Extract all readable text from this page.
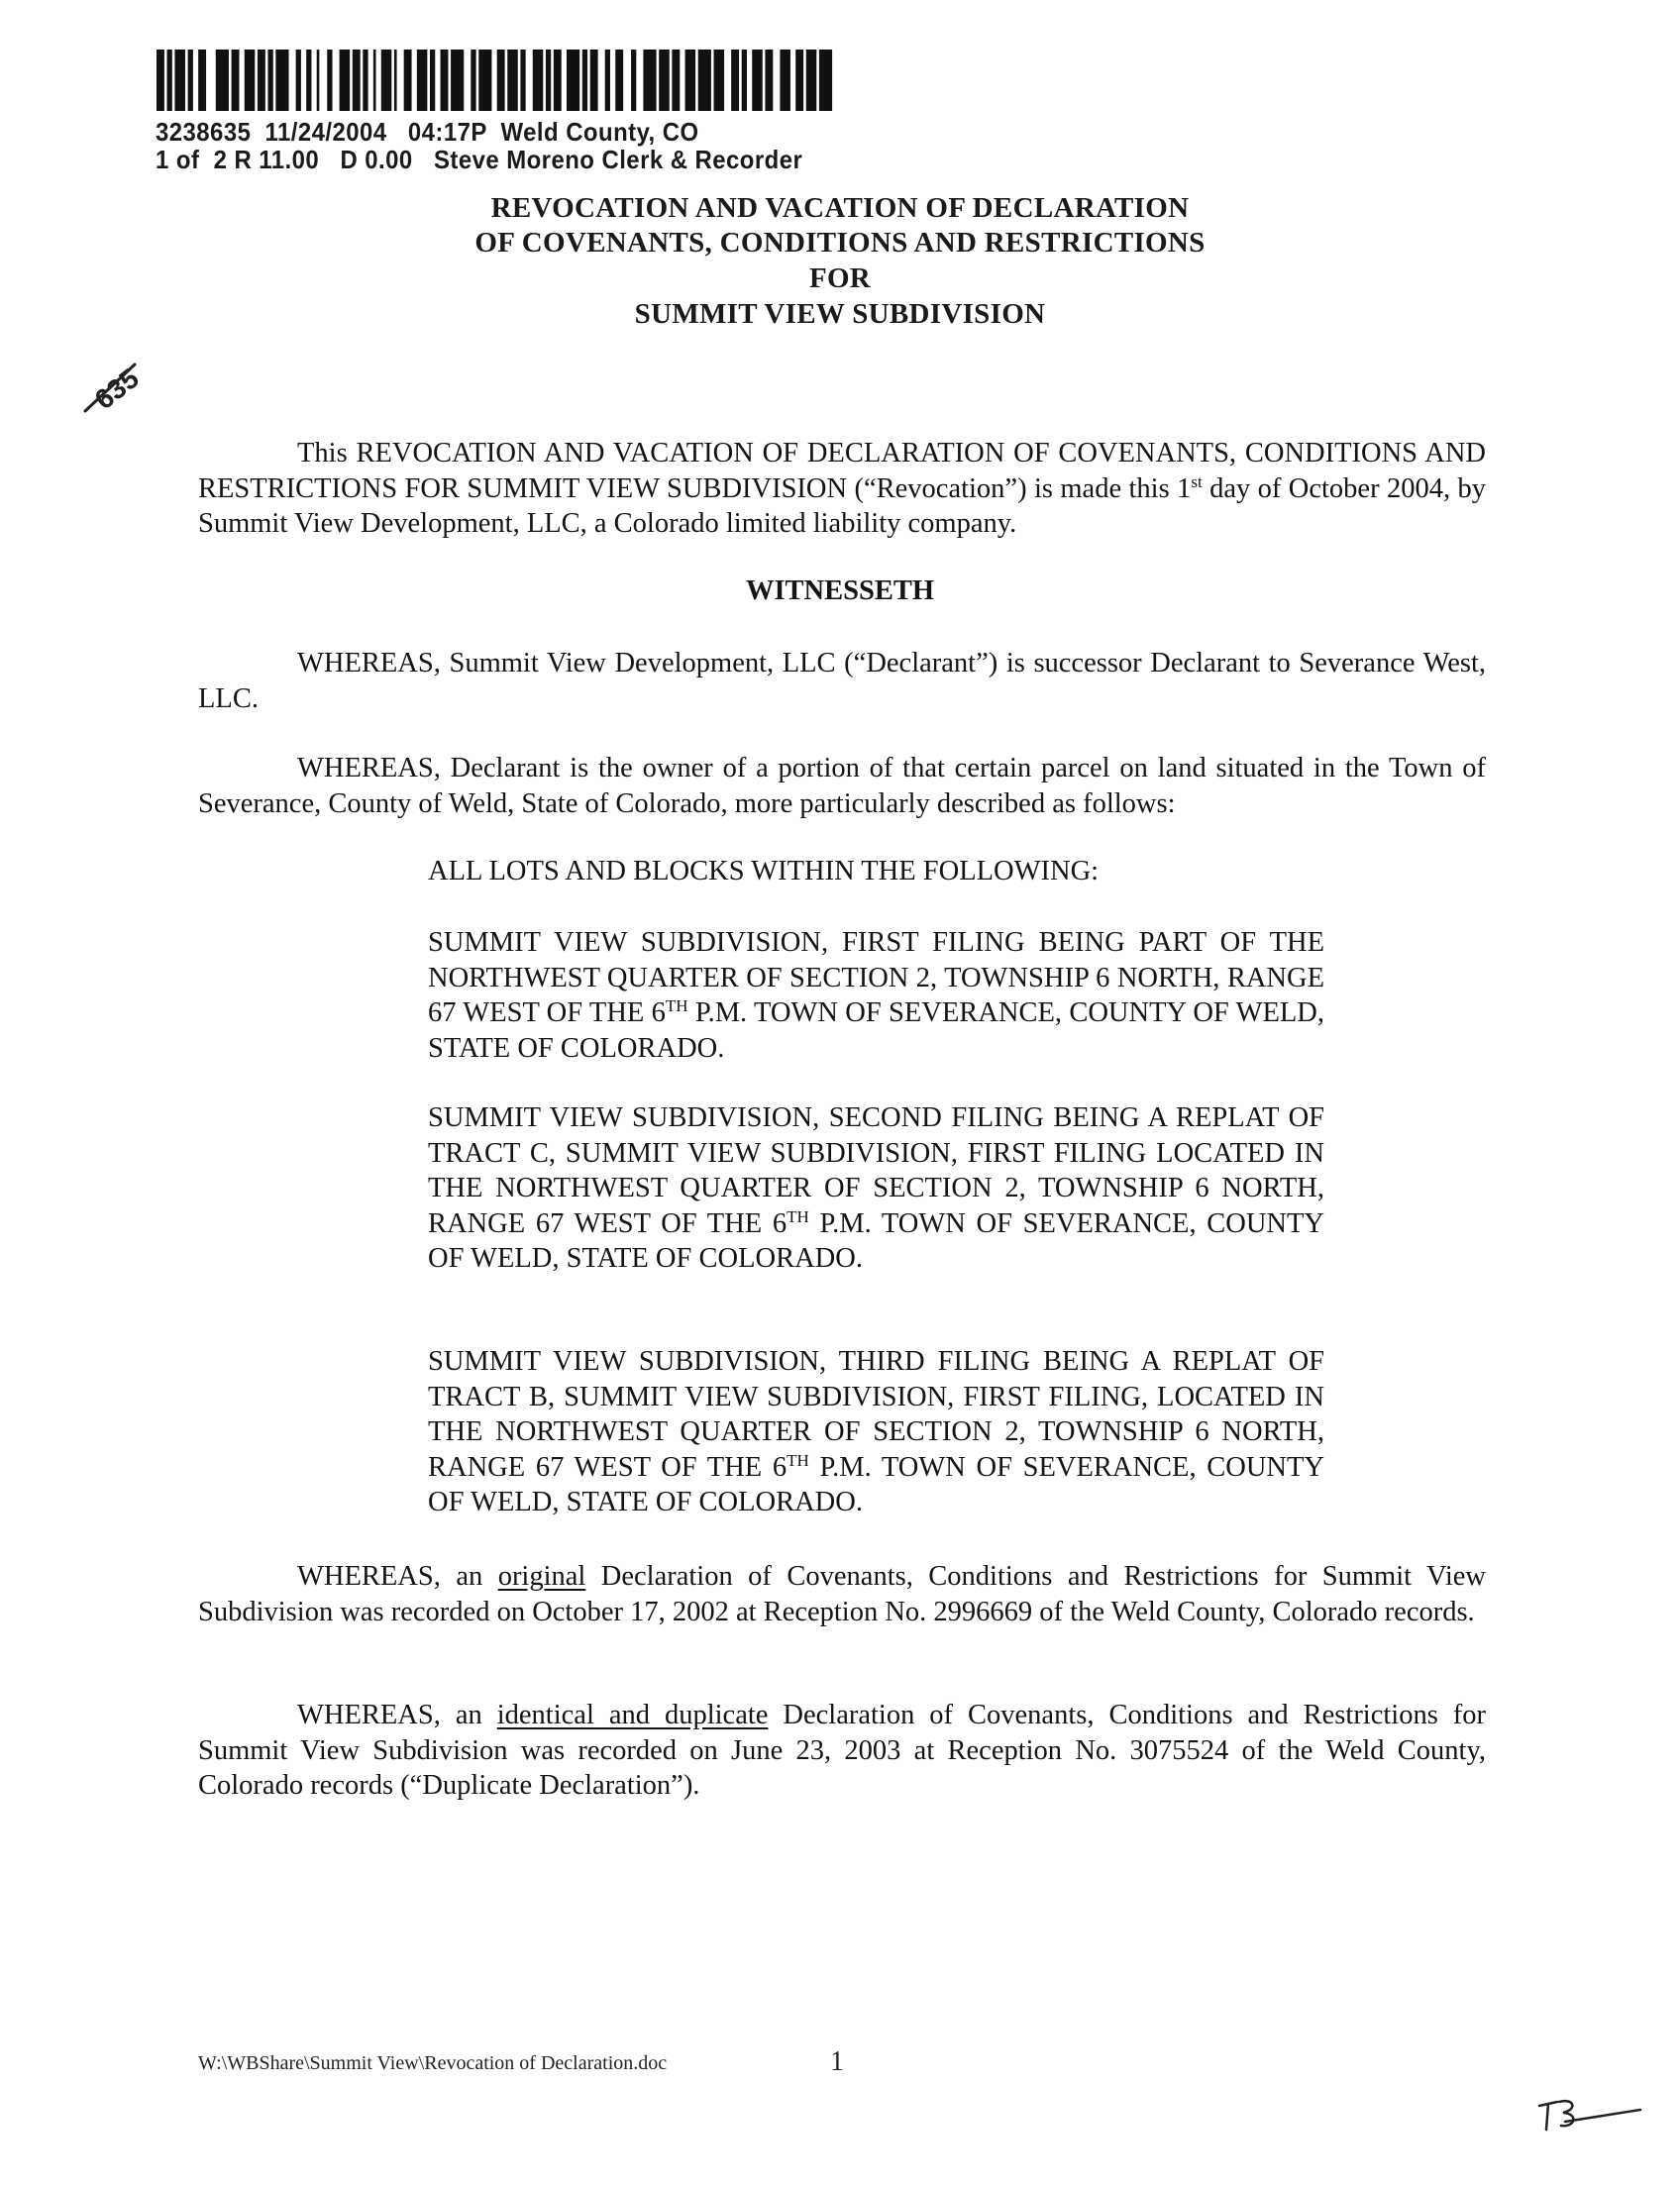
3238635  11/24/2004   04:17P  Weld County, CO
1 of  2 R 11.00   D 0.00   Steve Moreno Clerk & Recorder
REVOCATION AND VACATION OF DECLARATION
OF COVENANTS, CONDITIONS AND RESTRICTIONS
FOR
SUMMIT VIEW SUBDIVISION
635

This REVOCATION AND VACATION OF DECLARATION OF COVENANTS, CONDITIONS AND RESTRICTIONS FOR SUMMIT VIEW SUBDIVISION (“Revocation”) is made this 1st day of October 2004, by Summit View Development, LLC, a Colorado limited liability company.

WITNESSETH

WHEREAS, Summit View Development, LLC (“Declarant”) is successor Declarant to Severance West, LLC.

WHEREAS, Declarant is the owner of a portion of that certain parcel on land situated in the Town of Severance, County of Weld, State of Colorado, more particularly described as follows:

ALL LOTS AND BLOCKS WITHIN THE FOLLOWING:

SUMMIT VIEW SUBDIVISION, FIRST FILING BEING PART OF THE NORTHWEST QUARTER OF SECTION 2, TOWNSHIP 6 NORTH, RANGE 67 WEST OF THE 6TH P.M. TOWN OF SEVERANCE, COUNTY OF WELD, STATE OF COLORADO.

SUMMIT VIEW SUBDIVISION, SECOND FILING BEING A REPLAT OF TRACT C, SUMMIT VIEW SUBDIVISION, FIRST FILING LOCATED IN THE NORTHWEST QUARTER OF SECTION 2, TOWNSHIP 6 NORTH, RANGE 67 WEST OF THE 6TH P.M. TOWN OF SEVERANCE, COUNTY OF WELD, STATE OF COLORADO.

SUMMIT VIEW SUBDIVISION, THIRD FILING BEING A REPLAT OF TRACT B, SUMMIT VIEW SUBDIVISION, FIRST FILING, LOCATED IN THE NORTHWEST QUARTER OF SECTION 2, TOWNSHIP 6 NORTH, RANGE 67 WEST OF THE 6TH P.M. TOWN OF SEVERANCE, COUNTY OF WELD, STATE OF COLORADO.

WHEREAS, an original Declaration of Covenants, Conditions and Restrictions for Summit View Subdivision was recorded on October 17, 2002 at Reception No. 2996669 of the Weld County, Colorado records.

WHEREAS, an identical and duplicate Declaration of Covenants, Conditions and Restrictions for Summit View Subdivision was recorded on June 23, 2003 at Reception No. 3075524 of the Weld County, Colorado records (“Duplicate Declaration”).

W:\WBShare\Summit View\Revocation of Declaration.doc	1
